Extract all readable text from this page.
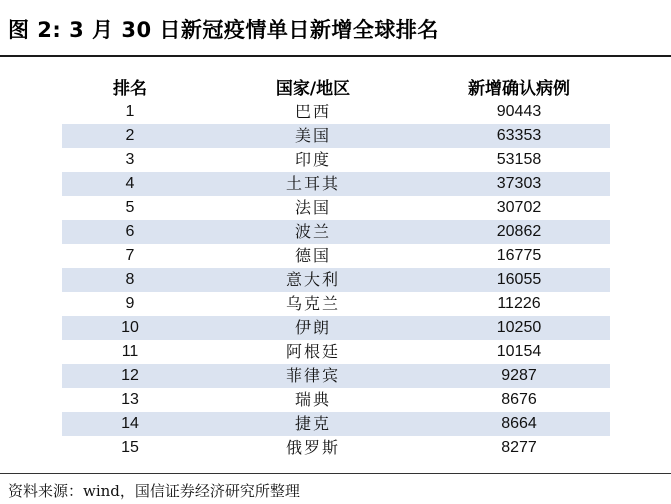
图 2: 3 月 30 日新冠疫情单日新增全球排名
排名	国家/地区	新增确认病例
1	巴西	90443
2	美国	63353
3	印度	53158
4	土耳其	37303
5	法国	30702
6	波兰	20862
7	德国	16775
8	意大利	16055
9	乌克兰	11226
10	伊朗	10250
11	阿根廷	10154
12	菲律宾	9287
13	瑞典	8676
14	捷克	8664
15	俄罗斯	8277
资料来源：wind，国信证券经济研究所整理
